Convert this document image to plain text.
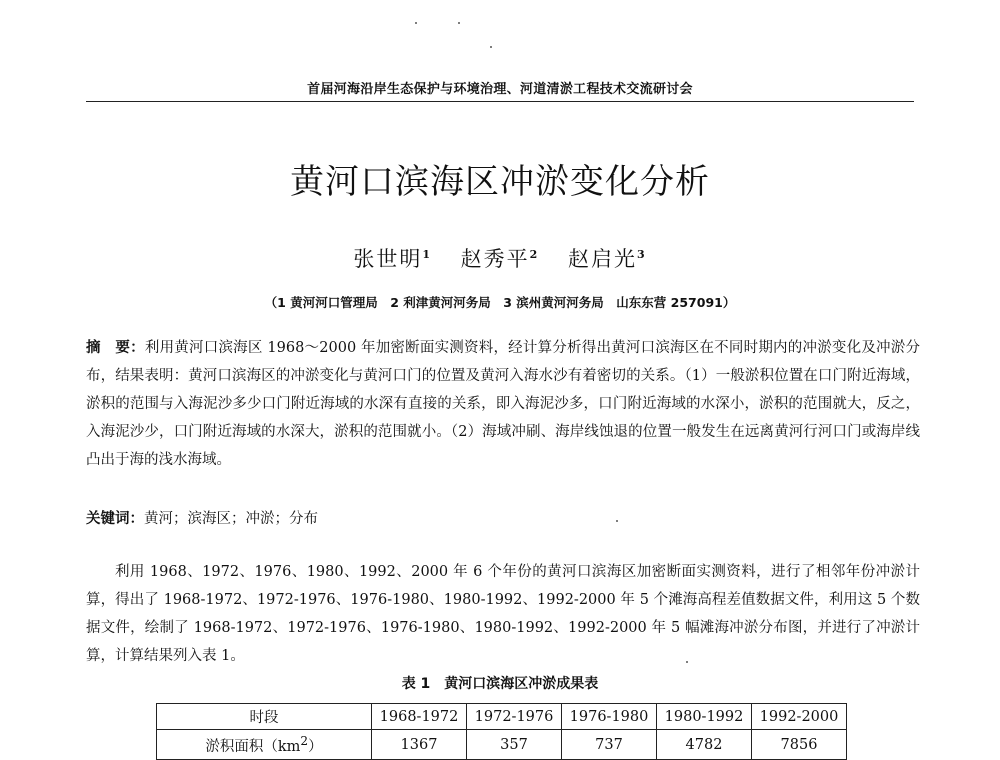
首届河海沿岸生态保护与环境治理、河道清淤工程技术交流研讨会
黄河口滨海区冲淤变化分析
张世明$^1$ 赵秀平$^2$ 赵启光$^3$
（1 黄河河口管理局　2 利津黄河河务局　3 滨州黄河河务局　山东东营 257091）
摘　要：利用黄河口滨海区 1968～2000 年加密断面实测资料，经计算分析得出黄河口滨海区在不同时期内的冲淤变化及冲淤分布，结果表明：黄河口滨海区的冲淤变化与黄河口门的位置及黄河入海水沙有着密切的关系。（1）一般淤积位置在口门附近海域，淤积的范围与入海泥沙多少口门附近海域的水深有直接的关系，即入海泥沙多，口门附近海域的水深小，淤积的范围就大，反之，入海泥沙少，口门附近海域的水深大，淤积的范围就小。（2）海域冲刷、海岸线蚀退的位置一般发生在远离黄河行河口门或海岸线凸出于海的浅水海域。
关键词：黄河；滨海区；冲淤；分布
利用 1968、1972、1976、1980、1992、2000 年 6 个年份的黄河口滨海区加密断面实测资料，进行了相邻年份冲淤计算，得出了 1968-1972、1972-1976、1976-1980、1980-1992、1992-2000 年 5 个滩海高程差值数据文件，利用这 5 个数据文件，绘制了 1968-1972、1972-1976、1976-1980、1980-1992、1992-2000 年 5 幅滩海冲淤分布图，并进行了冲淤计算，计算结果列入表 1。
表 1　黄河口滨海区冲淤成果表
时段	1968-1972	1972-1976	1976-1980	1980-1992	1992-2000
淤积面积$(km^2)$	1367	357	737	4782	7856
